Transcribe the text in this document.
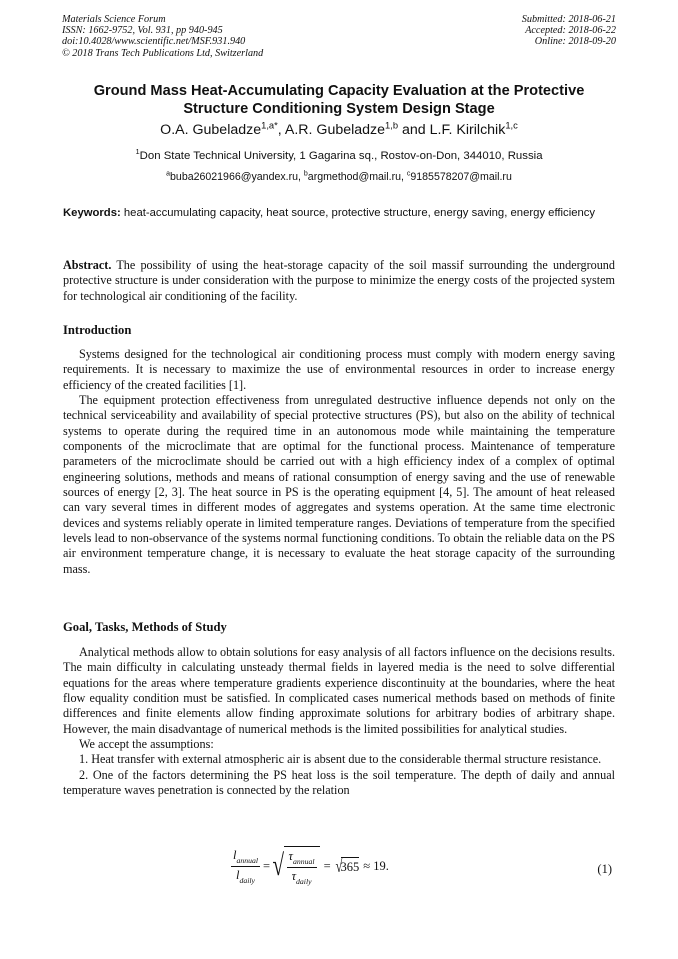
Materials Science Forum
ISSN: 1662-9752, Vol. 931, pp 940-945
doi:10.4028/www.scientific.net/MSF.931.940
© 2018 Trans Tech Publications Ltd, Switzerland
Submitted: 2018-06-21
Accepted: 2018-06-22
Online: 2018-09-20
Ground Mass Heat-Accumulating Capacity Evaluation at the Protective
Structure Conditioning System Design Stage
O.A. Gubeladze$^{1,a*}$, A.R. Gubeladze$^{1,b}$ and L.F. Kirilchik$^{1,c}$
$^1$Don State Technical University, 1 Gagarina sq., Rostov-on-Don, 344010, Russia
$^a$buba26021966@yandex.ru, $^b$argmethod@mail.ru, $^c$9185578207@mail.ru
Keywords: heat-accumulating capacity, heat source, protective structure, energy saving, energy efficiency
Abstract. The possibility of using the heat-storage capacity of the soil massif surrounding the underground protective structure is under consideration with the purpose to minimize the energy costs of the projected system for technological air conditioning of the facility.
Introduction

Systems designed for the technological air conditioning process must comply with modern energy saving requirements. It is necessary to maximize the use of environmental resources in order to increase energy efficiency of the created facilities [1].

The equipment protection effectiveness from unregulated destructive influence depends not only on the technical serviceability and availability of special protective structures (PS), but also on the ability of technical systems to operate during the required time in an autonomous mode while maintaining the temperature components of the microclimate that are optimal for the functional process. Maintenance of temperature parameters of the microclimate should be carried out with a high efficiency index of a complex of optimal engineering solutions, methods and means of rational consumption of energy saving and the use of renewable sources of energy [2, 3]. The heat source in PS is the operating equipment [4, 5]. The amount of heat released can vary several times in different modes of aggregates and systems operation. At the same time electronic devices and systems reliably operate in limited temperature ranges. Deviations of temperature from the specified levels lead to non-observance of the systems normal functioning conditions. To obtain the reliable data on the PS air environment temperature change, it is necessary to evaluate the heat storage capacity of the surrounding mass.

Goal, Tasks, Methods of Study

Analytical methods allow to obtain solutions for easy analysis of all factors influence on the decisions results. The main difficulty in calculating unsteady thermal fields in layered media is the need to solve differential equations for the areas where temperature gradients experience discontinuity at the boundaries, where the heat flow equality condition must be satisfied. In complicated cases numerical methods based on methods of finite differences and finite elements allow finding approximate solutions for arbitrary bodies of arbitrary shape. However, the main disadvantage of numerical methods is the limited possibilities for analytical studies.

We accept the assumptions:

1. Heat transfer with external atmospheric air is absent due to the considerable thermal structure resistance.

2. One of the factors determining the PS heat loss is the soil temperature. The depth of daily and annual temperature waves penetration is connected by the relation

$\frac{l_{annual}}{l_{daily}}$ = √ $\frac{\tau_{annual}}{\tau_{daily}}$ = √
365 ≈ 19 .	(1)
